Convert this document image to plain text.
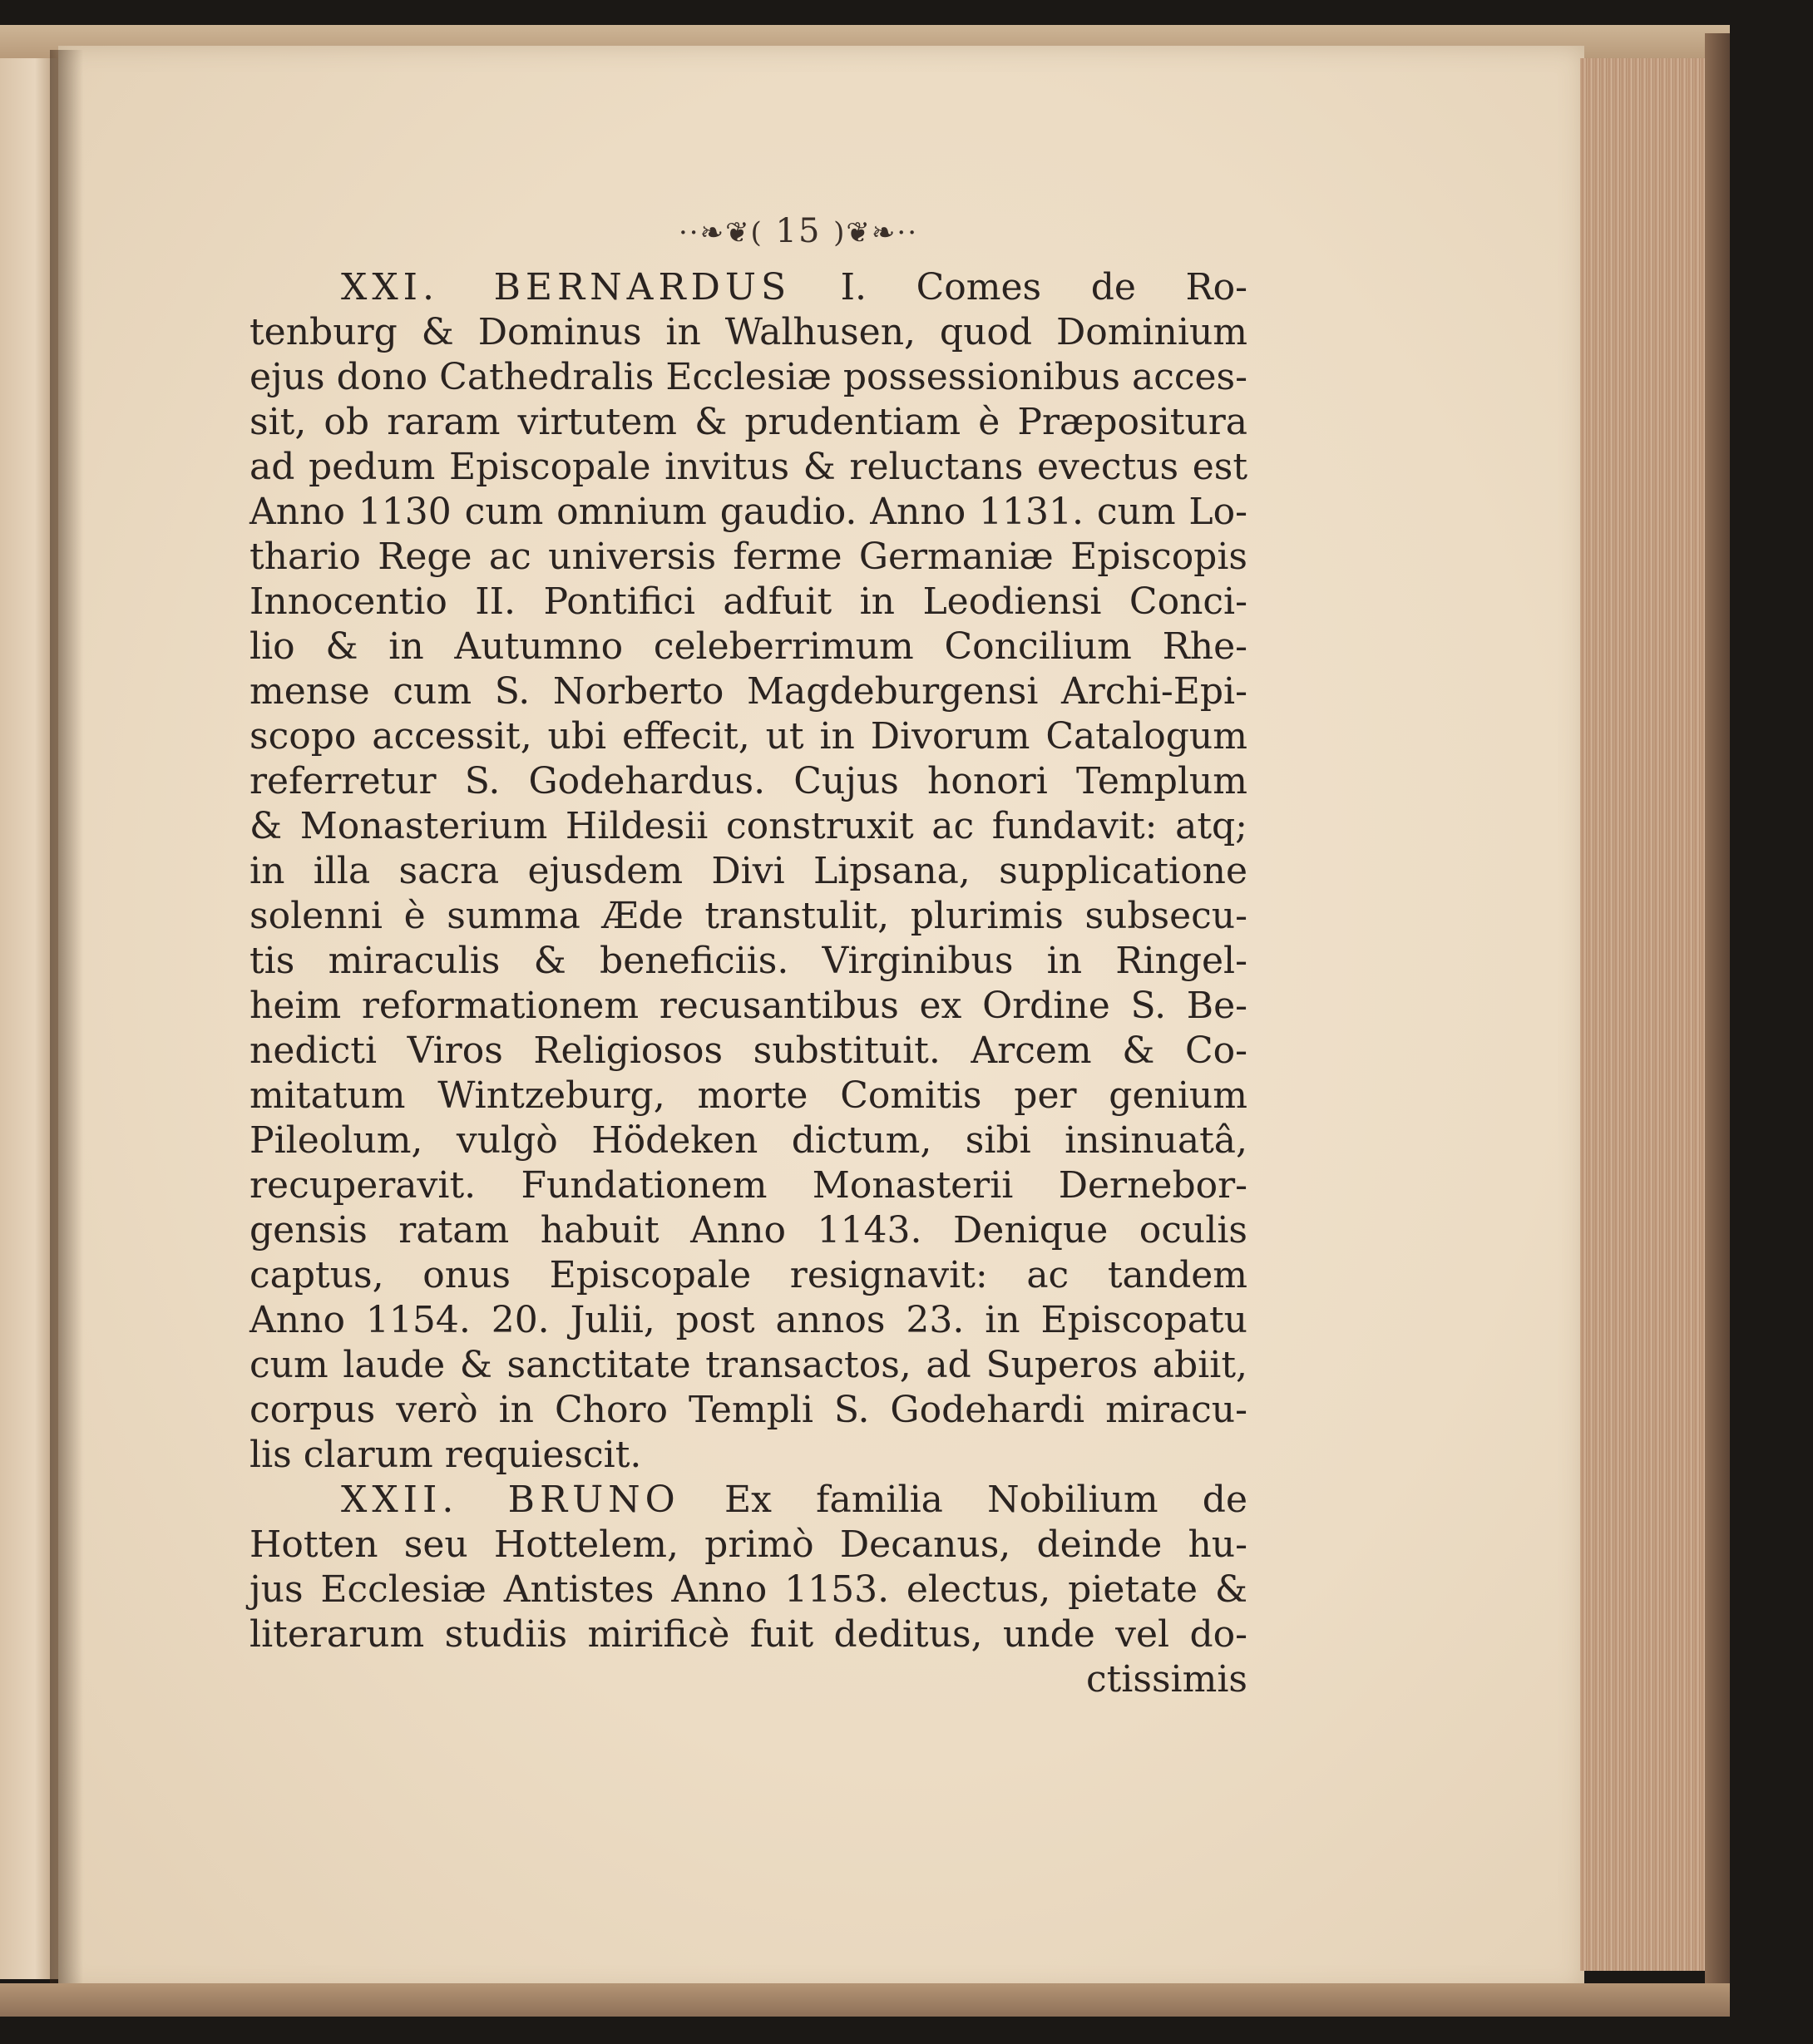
··❧❦( 15 )❦❧··
XXI. BERNARDUS I. Comes de Ro-
tenburg & Dominus in Walhusen, quod Dominium
ejus dono Cathedralis Ecclesiæ possessionibus acces-
sit, ob raram virtutem & prudentiam è Præpositura
ad pedum Episcopale invitus & reluctans evectus est
Anno 1130 cum omnium gaudio. Anno 1131. cum Lo-
thario Rege ac universis ferme Germaniæ Episcopis
Innocentio II. Pontifici adfuit in Leodiensi Conci-
lio & in Autumno celeberrimum Concilium Rhe-
mense cum S. Norberto Magdeburgensi Archi-Epi-
scopo accessit, ubi effecit, ut in Divorum Catalogum
referretur S. Godehardus. Cujus honori Templum
& Monasterium Hildesii construxit ac fundavit: atq;
in illa sacra ejusdem Divi Lipsana, supplicatione
solenni è summa Æde transtulit, plurimis subsecu-
tis miraculis & beneficiis. Virginibus in Ringel-
heim reformationem recusantibus ex Ordine S. Be-
nedicti Viros Religiosos substituit. Arcem & Co-
mitatum Wintzeburg, morte Comitis per genium
Pileolum, vulgò Hödeken dictum, sibi insinuatâ,
recuperavit. Fundationem Monasterii Dernebor-
gensis ratam habuit Anno 1143. Denique oculis
captus, onus Episcopale resignavit: ac tandem
Anno 1154. 20. Julii, post annos 23. in Episcopatu
cum laude & sanctitate transactos, ad Superos abiit,
corpus verò in Choro Templi S. Godehardi miracu-
lis clarum requiescit.
XXII. BRUNO Ex familia Nobilium de
Hotten seu Hottelem, primò Decanus, deinde hu-
jus Ecclesiæ Antistes Anno 1153. electus, pietate &
literarum studiis mirificè fuit deditus, unde vel do-
ctissimis
